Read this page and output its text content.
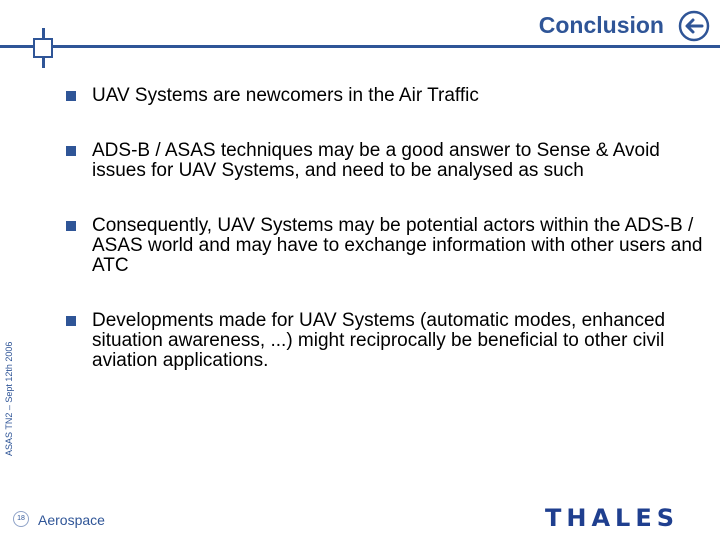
Conclusion
UAV Systems are newcomers in the Air Traffic
ADS-B / ASAS techniques may be a good answer to Sense & Avoid issues for UAV Systems, and need to be analysed as such
Consequently, UAV Systems may be potential actors within the ADS-B / ASAS world and may have to exchange information with other users and ATC
Developments made for UAV Systems (automatic modes, enhanced situation awareness, ...) might reciprocally be beneficial to other civil aviation applications.
ASAS TN2 – Sept 12th 2006
18 Aerospace	THALES
